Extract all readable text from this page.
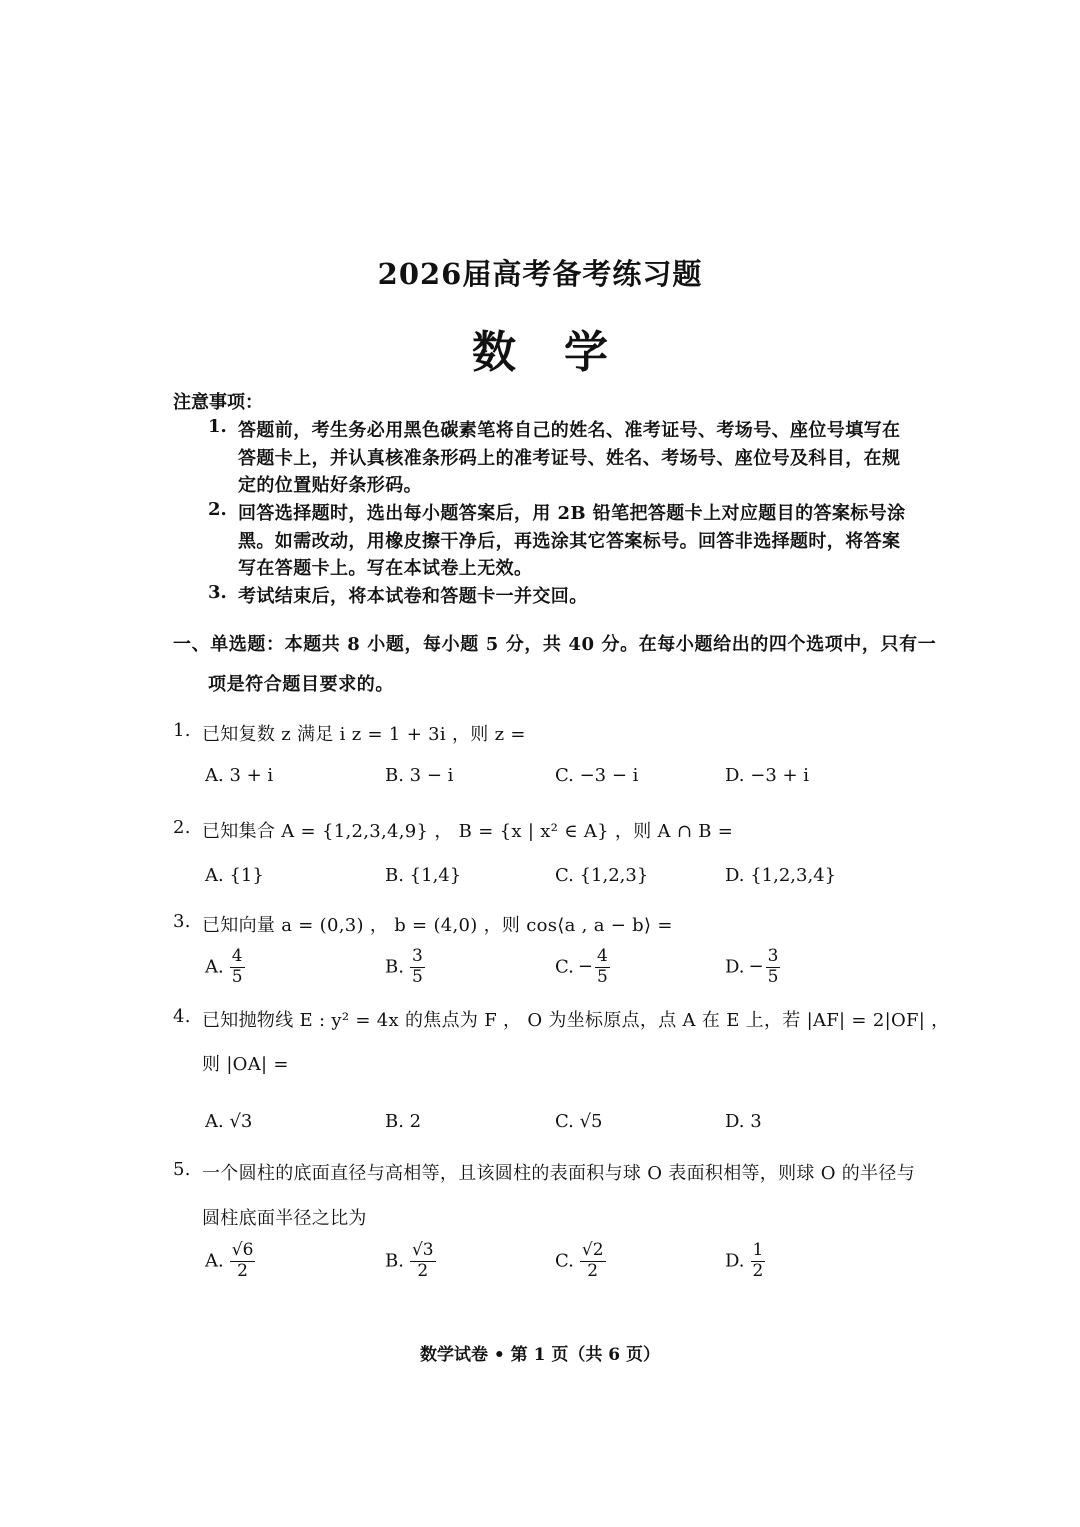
2026届高考备考练习题
数学
注意事项：
1. 答题前，考生务必用黑色碳素笔将自己的姓名、准考证号、考场号、座位号填写在
答题卡上，并认真核准条形码上的准考证号、姓名、考场号、座位号及科目，在规
定的位置贴好条形码。
2. 回答选择题时，选出每小题答案后，用 2B 铅笔把答题卡上对应题目的答案标号涂
黑。如需改动，用橡皮擦干净后，再选涂其它答案标号。回答非选择题时，将答案
写在答题卡上。写在本试卷上无效。
3. 考试结束后，将本试卷和答题卡一并交回。
一、单选题：本题共 8 小题，每小题 5 分，共 40 分。在每小题给出的四个选项中，只有一
项是符合题目要求的。
1. 已知复数 z 满足 i z = 1 + 3i ，则 z =
A. 3 + i	B. 3 − i	C. −3 − i	D. −3 + i
2. 已知集合 A = {1,2,3,4,9} ， B = {x | x² ∈ A} ，则 A ∩ B =
A. {1}	B. {1,4}	C. {1,2,3}	D. {1,2,3,4}
3. 已知向量 a = (0,3) ， b = (4,0) ，则 cos⟨a , a − b⟩ =
A. $\frac{4}{5}$	B. $\frac{3}{5}$	C. − $\frac{4}{5}$	D. − $\frac{3}{5}$
4. 已知抛物线 E : y² = 4x 的焦点为 F ， O 为坐标原点，点 A 在 E 上，若 |AF| = 2|OF| ，
则 |OA| =
A. √3	B. 2	C. √5	D. 3
5. 一个圆柱的底面直径与高相等，且该圆柱的表面积与球 O 表面积相等，则球 O 的半径与
圆柱底面半径之比为
A. $\frac{√6}{2}$	B. $\frac{√3}{2}$	C. $\frac{√2}{2}$	D. $\frac{1}{2}$
数学试卷 • 第 1 页（共 6 页）
